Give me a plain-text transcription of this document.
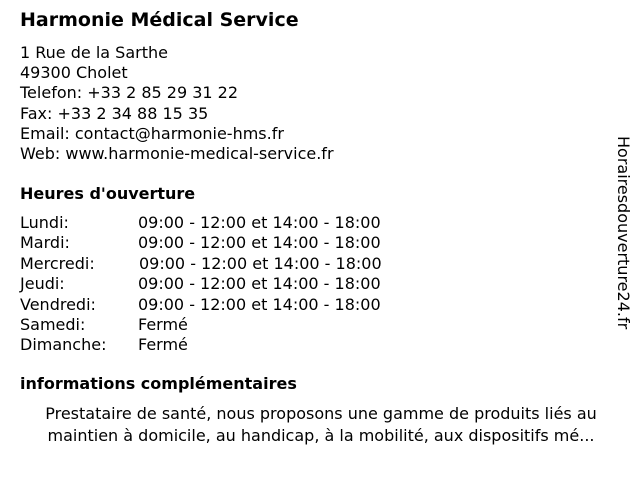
Harmonie Médical Service
1 Rue de la Sarthe
49300 Cholet
Telefon: +33 2 85 29 31 22
Fax: +33 2 34 88 15 35
Email: contact@harmonie-hms.fr
Web: www.harmonie-medical-service.fr
Heures d'ouverture
Lundi:	09:00 - 12:00 et 14:00 - 18:00
Mardi:	09:00 - 12:00 et 14:00 - 18:00
Mercredi:	09:00 - 12:00 et 14:00 - 18:00
Jeudi:	09:00 - 12:00 et 14:00 - 18:00
Vendredi:	09:00 - 12:00 et 14:00 - 18:00
Samedi:	Fermé
Dimanche: Fermé
informations complémentaires
Prestataire de santé, nous proposons une gamme de produits liés au
maintien à domicile, au handicap, à la mobilité, aux dispositifs mé...
Horairesdouverture24.fr
